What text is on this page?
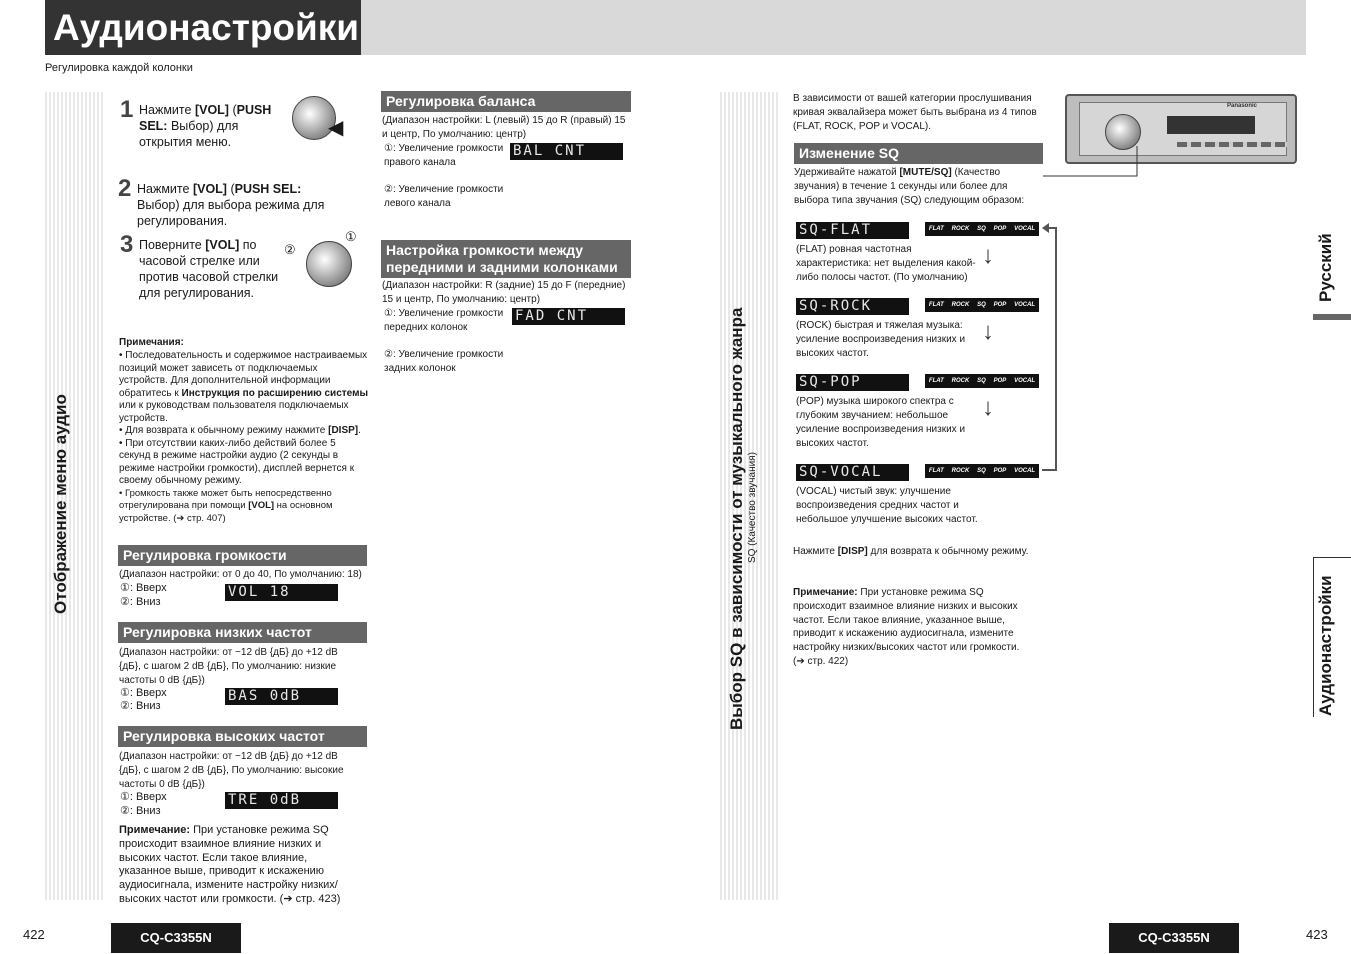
Аудионастройки
Регулировка каждой колонки
Отображение меню аудио
1 Нажмите [VOL] (PUSH SEL: Выбор) для открытия меню.
◀
2 Нажмите [VOL] (PUSH SEL: Выбор) для выбора режима для регулирования.
3 Поверните [VOL] по часовой стрелке или против часовой стрелки для регулирования.
②
①
Примечания:
• Последовательность и содержимое настраиваемых позиций может зависеть от подключаемых устройств. Для дополнительной информации обратитесь к Инструкция по расширению системы или к руководствам пользователя подключаемых устройств.
• Для возврата к обычному режиму нажмите [DISP].
• При отсутствии каких-либо действий более 5 секунд в режиме настройки аудио (2 секунды в режиме настройки громкости), дисплей вернется к своему обычному режиму.
• Громкость также может быть непосредственно отрегулирована при помощи [VOL] на основном устройстве. (➔ стр. 407)
Регулировка громкости
(Диапазон настройки: от 0 до 40, По умолчанию: 18)
①: Вверх
②: Вниз
VOL 18
Регулировка низких частот
(Диапазон настройки: от −12 dB {дБ} до +12 dB {дБ}, с шагом 2 dB {дБ}, По умолчанию: низкие частоты 0 dB {дБ})
①: Вверх
②: Вниз
BAS 0dB
Регулировка высоких частот
(Диапазон настройки: от −12 dB {дБ} до +12 dB {дБ}, с шагом 2 dB {дБ}, По умолчанию: высокие частоты 0 dB {дБ})
①: Вверх
②: Вниз
TRE 0dB
Примечание: При установке режима SQ происходит взаимное влияние низких и высоких частот. Если такое влияние, указанное выше, приводит к искажению аудиосигнала, измените настройку низких/высоких частот или громкости. (➔ стр. 423)
Регулировка баланса
(Диапазон настройки: L (левый) 15 до R (правый) 15 и центр, По умолчанию: центр)
①: Увеличение громкости правого канала
②: Увеличение громкости левого канала
BAL CNT
Настройка громкости между передними и задними колонками
(Диапазон настройки: R (задние) 15 до F (передние) 15 и центр, По умолчанию: центр)
①: Увеличение громкости передних колонок
②: Увеличение громкости задних колонок
FAD CNT	Выбор SQ в зависимости от музыкального жанра SQ (Качество звучания)
В зависимости от вашей категории прослушивания кривая эквалайзера может быть выбрана из 4 типов (FLAT, ROCK, POP и VOCAL).
Panasonic
Изменение SQ
Удерживайте нажатой [MUTE/SQ] (Качество звучания) в течение 1 секунды или более для выбора типа звучания (SQ) следующим образом:
SQ-FLAT	FLAT ROCK SQ POP VOCAL
(FLAT) ровная частотная характеристика: нет выделения какой-либо полосы частот. (По умолчанию)
↓
SQ-ROCK	FLAT ROCK SQ POP VOCAL
(ROCK) быстрая и тяжелая музыка: усиление воспроизведения низких и высоких частот.
↓
SQ-POP	FLAT ROCK SQ POP VOCAL
(POP) музыка широкого спектра с глубоким звучанием: небольшое усиление воспроизведения низких и высоких частот.
↓
SQ-VOCAL	FLAT ROCK SQ POP VOCAL
(VOCAL) чистый звук: улучшение воспроизведения средних частот и небольшое улучшение высоких частот.
Нажмите [DISP] для возврата к обычному режиму.
Примечание: При установке режима SQ происходит взаимное влияние низких и высоких частот. Если такое влияние, указанное выше, приводит к искажению аудиосигнала, измените настройку низких/высоких частот или громкости. (➔ стр. 422)
Русский
Аудионастройки
422	CQ-C3355N	CQ-C3355N	423
